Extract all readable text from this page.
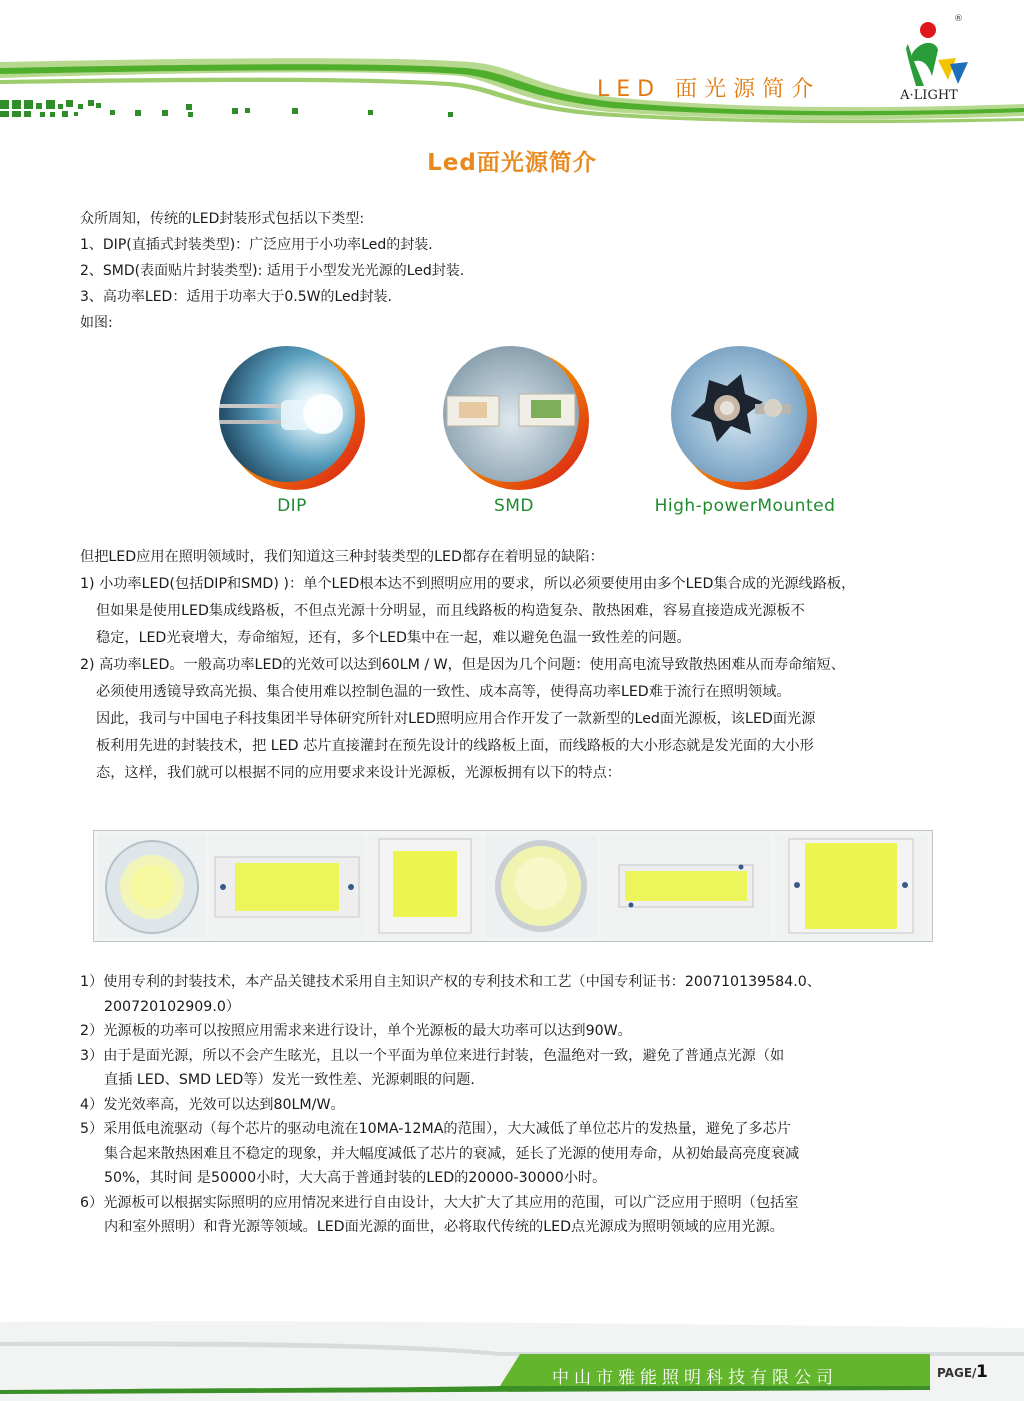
LED 面光源简介
®
A·LIGHT
Led面光源简介

众所周知，传统的LED封装形式包括以下类型:

1、DIP(直插式封装类型)：广泛应用于小功率Led的封装.

2、SMD(表面贴片封装类型): 适用于小型发光光源的Led封装.

3、高功率LED：适用于功率大于0.5W的Led封装.

如图:

DIP	SMD	High-powerMounted

但把LED应用在照明领域时，我们知道这三种封装类型的LED都存在着明显的缺陷：

1) 小功率LED(包括DIP和SMD) )：单个LED根本达不到照明应用的要求，所以必须要使用由多个LED集合成的光源线路板，

但如果是使用LED集成线路板，不但点光源十分明显，而且线路板的构造复杂、散热困难，容易直接造成光源板不

稳定，LED光衰增大，寿命缩短，还有，多个LED集中在一起，难以避免色温一致性差的问题。

2) 高功率LED。一般高功率LED的光效可以达到60LM / W，但是因为几个问题：使用高电流导致散热困难从而寿命缩短、

必须使用透镜导致高光损、集合使用难以控制色温的一致性、成本高等，使得高功率LED难于流行在照明领域。

因此，我司与中国电子科技集团半导体研究所针对LED照明应用合作开发了一款新型的Led面光源板，该LED面光源

板利用先进的封装技术，把 LED 芯片直接灌封在预先设计的线路板上面，而线路板的大小形态就是发光面的大小形

态，这样，我们就可以根据不同的应用要求来设计光源板，光源板拥有以下的特点：

1）使用专利的封装技术，本产品关键技术采用自主知识产权的专利技术和工艺（中国专利证书：200710139584.0、

200720102909.0）

2）光源板的功率可以按照应用需求来进行设计，单个光源板的最大功率可以达到90W。

3）由于是面光源，所以不会产生眩光，且以一个平面为单位来进行封装，色温绝对一致，避免了普通点光源（如

直插 LED、SMD LED等）发光一致性差、光源刺眼的问题.

4）发光效率高，光效可以达到80LM/W。

5）采用低电流驱动（每个芯片的驱动电流在10MA-12MA的范围），大大减低了单位芯片的发热量，避免了多芯片

集合起来散热困难且不稳定的现象，并大幅度减低了芯片的衰减，延长了光源的使用寿命，从初始最高亮度衰减

50%，其时间 是50000小时，大大高于普通封装的LED的20000-30000小时。

6）光源板可以根据实际照明的应用情况来进行自由设计，大大扩大了其应用的范围，可以广泛应用于照明（包括室

内和室外照明）和背光源等领域。LED面光源的面世，必将取代传统的LED点光源成为照明领域的应用光源。

中山市雅能照明科技有限公司	PAGE/ 1
